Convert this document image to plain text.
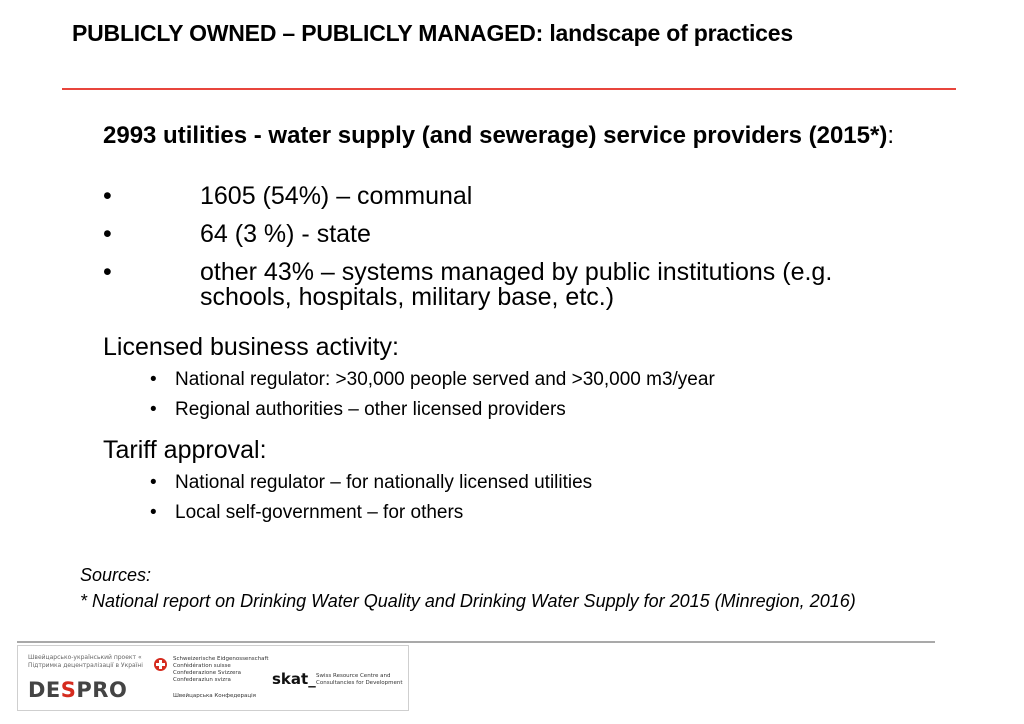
PUBLICLY OWNED – PUBLICLY MANAGED: landscape of practices
2993 utilities - water supply (and sewerage) service providers (2015*):
•	1605 (54%) – communal
•	64 (3 %) - state
•	other 43% – systems managed by public institutions (e.g. schools, hospitals, military base, etc.)
Licensed business activity:
• National regulator: >30,000 people served and >30,000 m3/year
• Regional authorities – other licensed providers
Tariff approval:
• National regulator – for nationally licensed utilities
• Local self-government – for others
Sources:
* National report on Drinking Water Quality and Drinking Water Supply for 2015 (Minregion, 2016)
Швейцарсько-український проект «
Підтримка децентралізації в Україні
DESPRO
Schweizerische Eidgenossenschaft
Confédération suisse
Confederazione Svizzera
Confederaziun svizra
Швейцарська Конфедерація
skat_ Swiss Resource Centre and
Consultancies for Development
